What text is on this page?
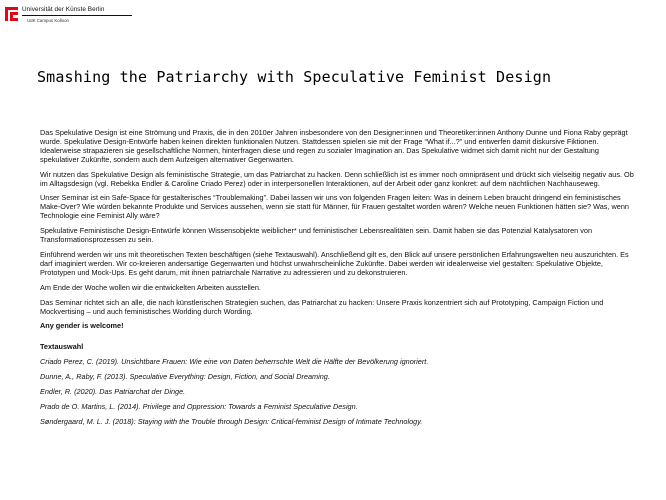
Universität der Künste Berlin
UdK Campus Kolloon
Smashing the Patriarchy with Speculative Feminist Design

Das Spekulative Design ist eine Strömung und Praxis, die in den 2010er Jahren insbesondere von den Designer:innen und Theoretiker:innen Anthony Dunne und Fiona Raby geprägt wurde. Spekulative Design-Entwürfe haben keinen direkten funktionalen Nutzen. Stattdessen spielen sie mit der Frage “What if...?” und entwerfen damit diskursive Fiktionen. Idealerweise strapazieren sie gesellschaftliche Normen, hinterfragen diese und regen zu sozialer Imagination an. Das Spekulative widmet sich damit nicht nur der Gestaltung spekulativer Zukünfte, sondern auch dem Aufzeigen alternativer Gegenwarten.

Wir nutzen das Spekulative Design als feministische Strategie, um das Patriarchat zu hacken. Denn schließlich ist es immer noch omnipräsent und drückt sich vielseitig negativ aus. Ob im Alltagsdesign (vgl. Rebekka Endler & Caroline Criado Perez) oder in interpersonellen Interaktionen, auf der Arbeit oder ganz konkret: auf dem nächtlichen Nachhauseweg.

Unser Seminar ist ein Safe-Space für gestalterisches “Troublemaking”. Dabei lassen wir uns von folgenden Fragen leiten: Was in deinem Leben braucht dringend ein feministisches Make-Over? Wie würden bekannte Produkte und Services aussehen, wenn sie statt für Männer, für Frauen gestaltet worden wären? Welche neuen Funktionen hätten sie? Was, wenn Technologie eine Feminist Ally wäre?

Spekulative Feministische Design-Entwürfe können Wissensobjekte weiblicher* und feministischer Lebensrealitäten sein. Damit haben sie das Potenzial Katalysatoren von Transformationsprozessen zu sein.

Einführend werden wir uns mit theoretischen Texten beschäftigen (siehe Textauswahl). Anschließend gilt es, den Blick auf unsere persönlichen Erfahrungswelten neu auszurichten. Es darf imaginiert werden. Wir co-kreieren andersartige Gegenwarten und höchst unwahrscheinliche Zukünfte. Dabei werden wir idealerweise viel gestalten: Spekulative Objekte, Prototypen und Mock-Ups. Es geht darum, mit ihnen patriarchale Narrative zu adressieren und zu dekonstruieren.

Am Ende der Woche wollen wir die entwickelten Arbeiten ausstellen.

Das Seminar richtet sich an alle, die nach künstlerischen Strategien suchen, das Patriarchat zu hacken: Unsere Praxis konzentriert sich auf Prototyping, Campaign Fiction und Mockvertising – und auch feministisches Worlding durch Wording.

Any gender is welcome!

Textauswahl

Criado Perez, C. (2019). Unsichtbare Frauen: Wie eine von Daten beherrschte Welt die Hälfte der Bevölkerung ignoriert.

Dunne, A., Raby, F. (2013). Speculative Everything: Design, Fiction, and Social Dreaming.

Endler, R. (2020). Das Patriarchat der Dinge.

Prado de O. Martins, L. (2014). Privilege and Oppression: Towards a Feminist Speculative Design.

Søndergaard, M. L. J. (2018): Staying with the Trouble through Design: Critical-feminist Design of Intimate Technology.
